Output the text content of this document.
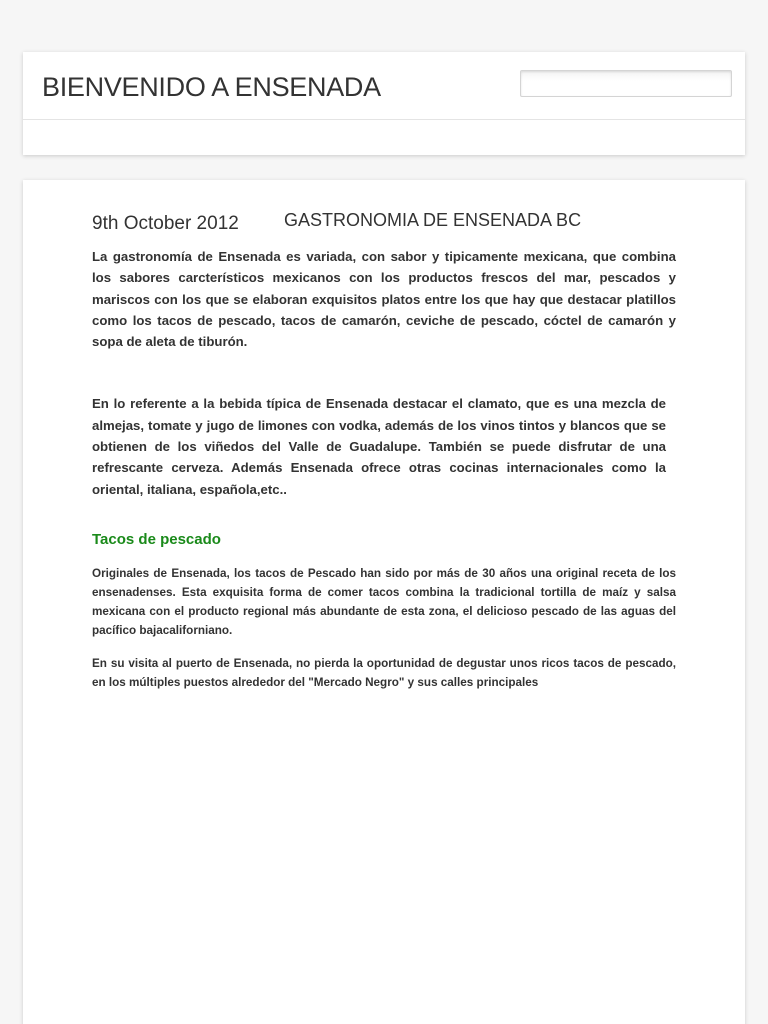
BIENVENIDO A ENSENADA
9th October 2012	GASTRONOMIA DE ENSENADA BC

La gastronomía de Ensenada es variada, con sabor y tipicamente mexicana, que combina los sabores carcterísticos mexicanos con los productos frescos del mar, pescados y mariscos con los que se elaboran exquisitos platos entre los que hay que destacar platillos como los tacos de pescado, tacos de camarón, ceviche de pescado, cóctel de camarón y sopa de aleta de tiburón.

En lo referente a la bebida típica de Ensenada destacar el clamato, que es una mezcla de almejas, tomate y jugo de limones con vodka, además de los vinos tintos y blancos que se obtienen de los viñedos del Valle de Guadalupe. También se puede disfrutar de una refrescante cerveza. Además Ensenada ofrece otras cocinas internacionales como la oriental, italiana, española,etc..

Tacos de pescado

Originales de Ensenada, los tacos de Pescado han sido por más de 30 años una original receta de los ensenadenses. Esta exquisita forma de comer tacos combina la tradicional tortilla de maíz y salsa mexicana con el producto regional más abundante de esta zona, el delicioso pescado de las aguas del pacífico bajacaliforniano.

En su visita al puerto de Ensenada, no pierda la oportunidad de degustar unos ricos tacos de pescado, en los múltiples puestos alrededor del "Mercado Negro" y sus calles principales
